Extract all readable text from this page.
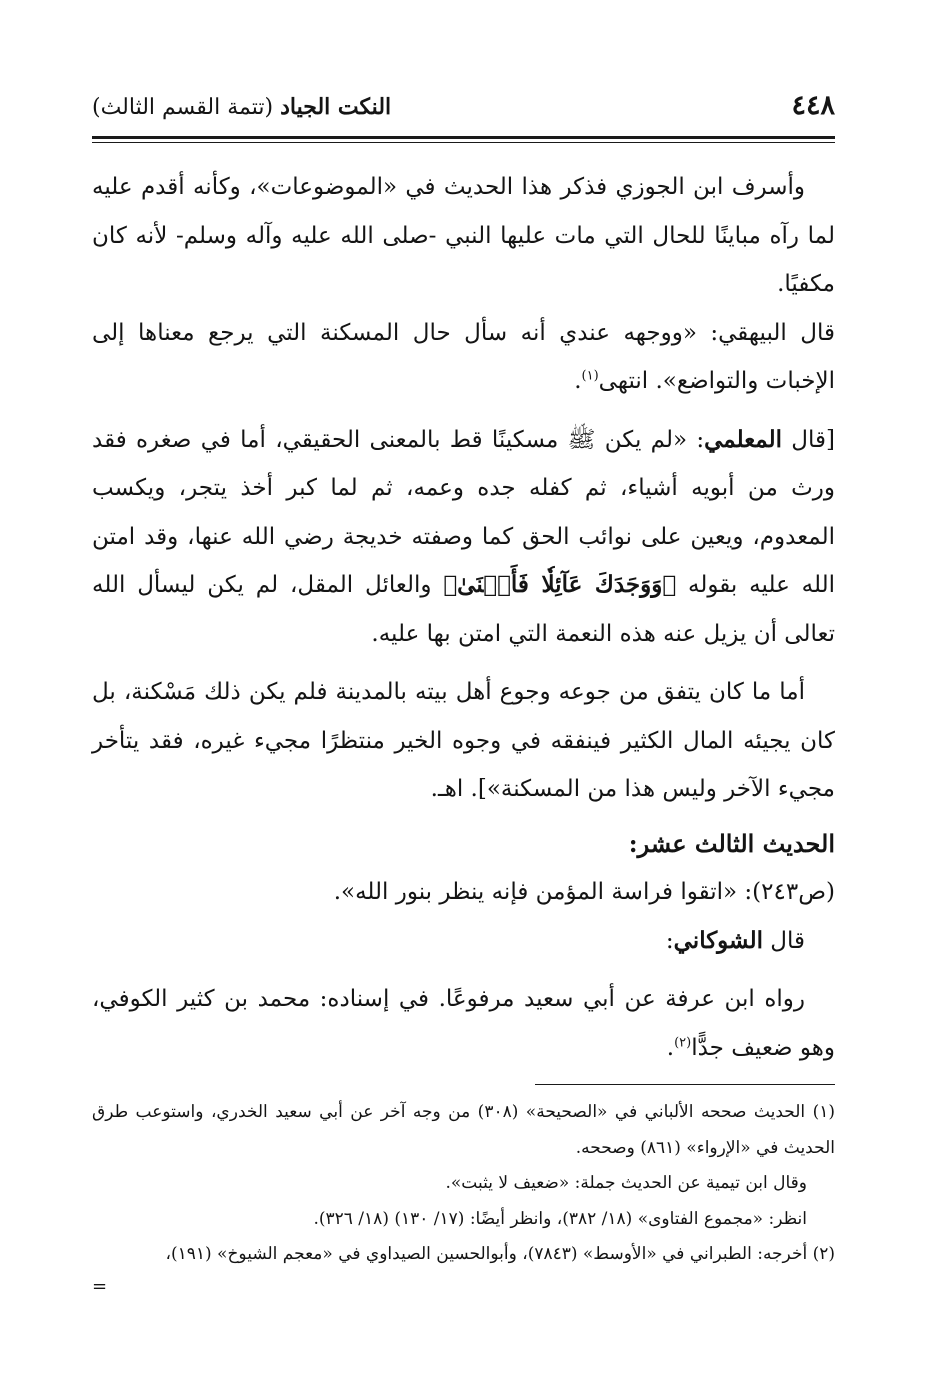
٤٤٨
النكت الجياد (تتمة القسم الثالث)

وأسرف ابن الجوزي فذكر هذا الحديث في «الموضوعات»، وكأنه أقدم عليه لما رآه مباينًا للحال التي مات عليها النبي -صلى الله عليه وآله وسلم- لأنه كان مكفيًا.

قال البيهقي: «ووجهه عندي أنه سأل حال المسكنة التي يرجع معناها إلى الإخبات والتواضع». انتهى$^{(١)}$.

[قال المعلمي: «لم يكن ﷺ مسكينًا قط بالمعنى الحقيقي، أما في صغره فقد ورث من أبويه أشياء، ثم كفله جده وعمه، ثم لما كبر أخذ يتجر، ويكسب المعدوم، ويعين على نوائب الحق كما وصفته خديجة رضي الله عنها، وقد امتن الله عليه بقوله ﴿وَوَجَدَكَ عَآئِلٗا فَأَغۡنَىٰ﴾ والعائل المقل، لم يكن ليسأل الله تعالى أن يزيل عنه هذه النعمة التي امتن بها عليه.

أما ما كان يتفق من جوعه وجوع أهل بيته بالمدينة فلم يكن ذلك مَسْكنة، بل كان يجيئه المال الكثير فينفقه في وجوه الخير منتظرًا مجيء غيره، فقد يتأخر مجيء الآخر وليس هذا من المسكنة»]. اهـ.

الحديث الثالث عشر:

(ص٢٤٣): «اتقوا فراسة المؤمن فإنه ينظر بنور الله».

قال الشوكاني:

رواه ابن عرفة عن أبي سعيد مرفوعًا. في إسناده: محمد بن كثير الكوفي، وهو ضعيف جدًّا$^{(٢)}$.

(١) الحديث صححه الألباني في «الصحيحة» (٣٠٨) من وجه آخر عن أبي سعيد الخدري، واستوعب طرق الحديث في «الإرواء» (٨٦١) وصححه.

وقال ابن تيمية عن الحديث جملة: «ضعيف لا يثبت».

انظر: «مجموع الفتاوى» (١٨/ ٣٨٢)، وانظر أيضًا: (١٧/ ١٣٠) (١٨/ ٣٢٦).

(٢) أخرجه: الطبراني في «الأوسط» (٧٨٤٣)، وأبوالحسين الصيداوي في «معجم الشيوخ» (١٩١)،

=
